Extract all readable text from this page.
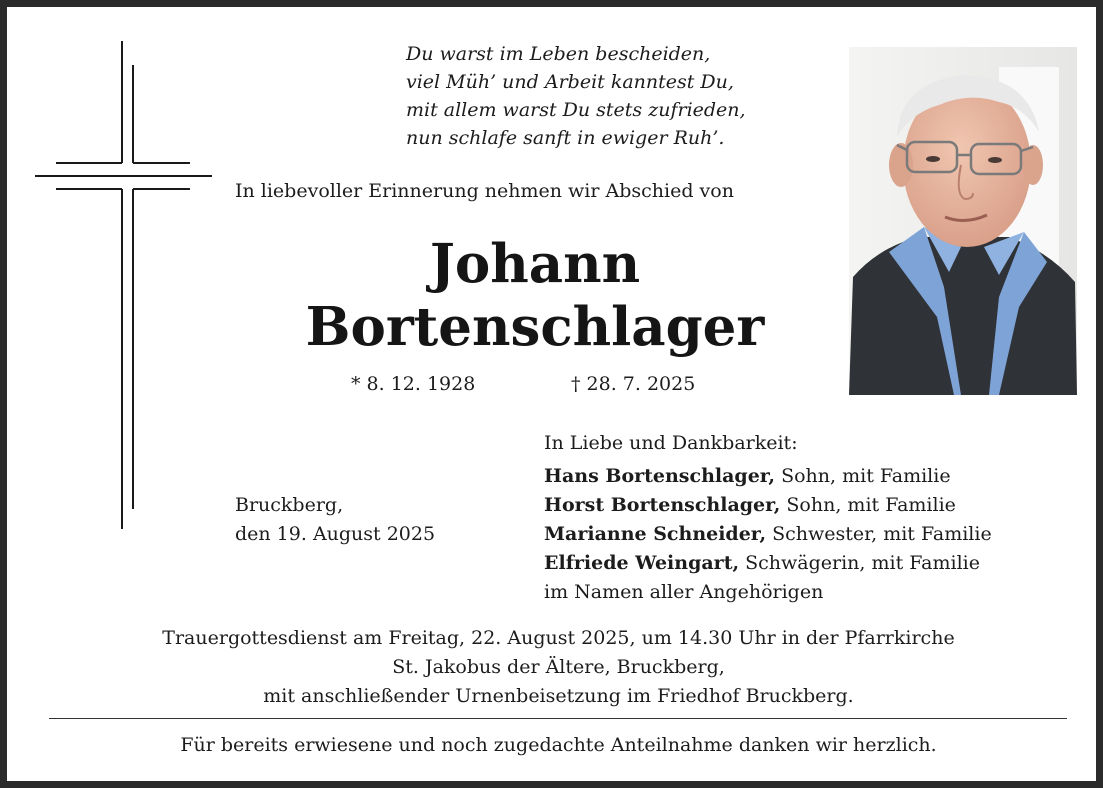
Du warst im Leben bescheiden,
viel Müh’ und Arbeit kanntest Du,
mit allem warst Du stets zufrieden,
nun schlafe sanft in ewiger Ruh’.
In liebevoller Erinnerung nehmen wir Abschied von
Johann
Bortenschlager
* 8. 12. 1928	† 28. 7. 2025
In Liebe und Dankbarkeit:
Hans Bortenschlager, Sohn, mit Familie
Horst Bortenschlager, Sohn, mit Familie
Marianne Schneider, Schwester, mit Familie
Elfriede Weingart, Schwägerin, mit Familie
im Namen aller Angehörigen
Bruckberg,
den 19. August 2025
Trauergottesdienst am Freitag, 22. August 2025, um 14.30 Uhr in der Pfarrkirche
St. Jakobus der Ältere, Bruckberg,
mit anschließender Urnenbeisetzung im Friedhof Bruckberg.
Für bereits erwiesene und noch zugedachte Anteilnahme danken wir herzlich.
